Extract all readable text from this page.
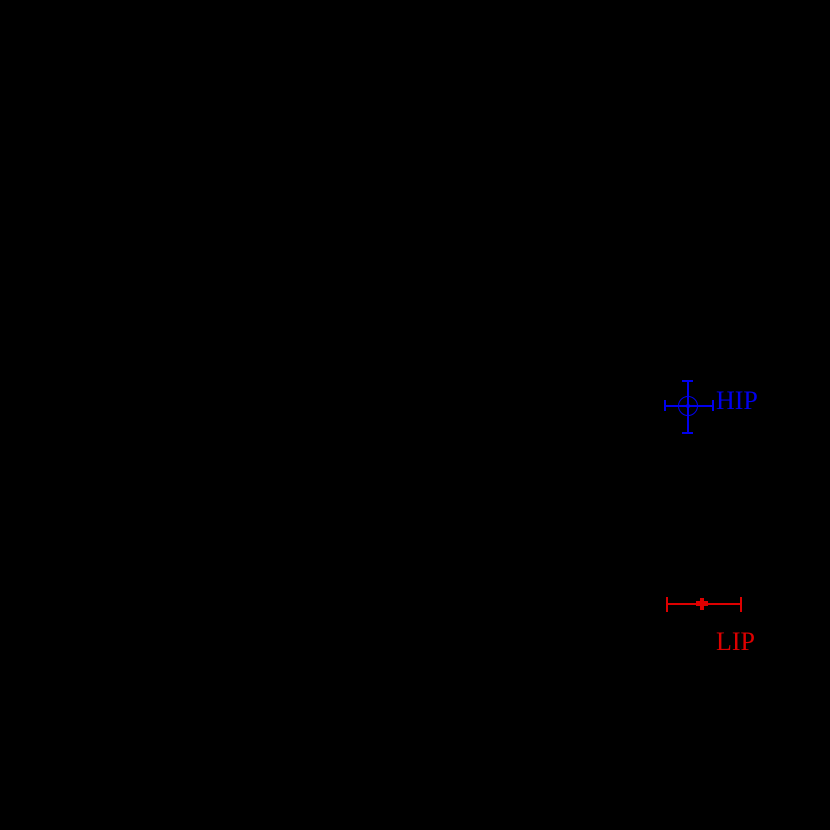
HIP
LIP
